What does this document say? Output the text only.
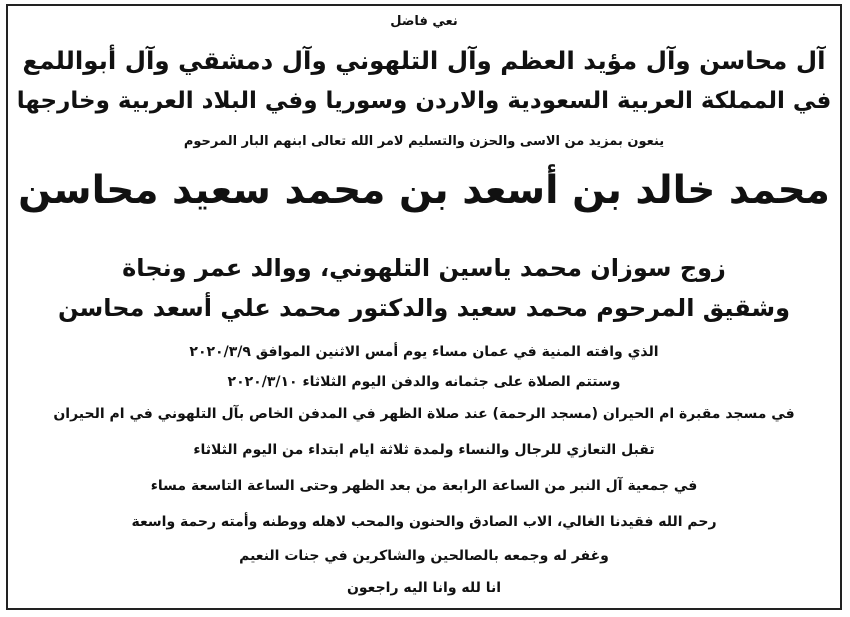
نعي فاضل
آل محاسن وآل مؤيد العظم وآل التلهوني وآل دمشقي وآل أبواللمع
في المملكة العربية السعودية والاردن وسوريا وفي البلاد العربية وخارجها
ينعون بمزيد من الاسى والحزن والتسليم لامر الله تعالى ابنهم البار المرحوم
محمد خالد بن أسعد بن محمد سعيد محاسن
زوج سوزان محمد ياسين التلهوني، ووالد عمر ونجاة
وشقيق المرحوم محمد سعيد والدكتور محمد علي أسعد محاسن
الذي وافته المنية في عمان مساء يوم أمس الاثنين الموافق ٢٠٢٠/٣/٩
وستتم الصلاة على جثمانه والدفن اليوم الثلاثاء ٢٠٢٠/٣/١٠
في مسجد مقبرة ام الحيران (مسجد الرحمة) عند صلاة الظهر في المدفن الخاص بآل التلهوني في ام الحيران
تقبل التعازي للرجال والنساء ولمدة ثلاثة ايام ابتداء من اليوم الثلاثاء
في جمعية آل النبر من الساعة الرابعة من بعد الظهر وحتى الساعة التاسعة مساء
رحم الله فقيدنا الغالي، الاب الصادق والحنون والمحب لاهله ووطنه وأمته رحمة واسعة
وغفر له وجمعه بالصالحين والشاكرين في جنات النعيم
انا لله وانا اليه راجعون
